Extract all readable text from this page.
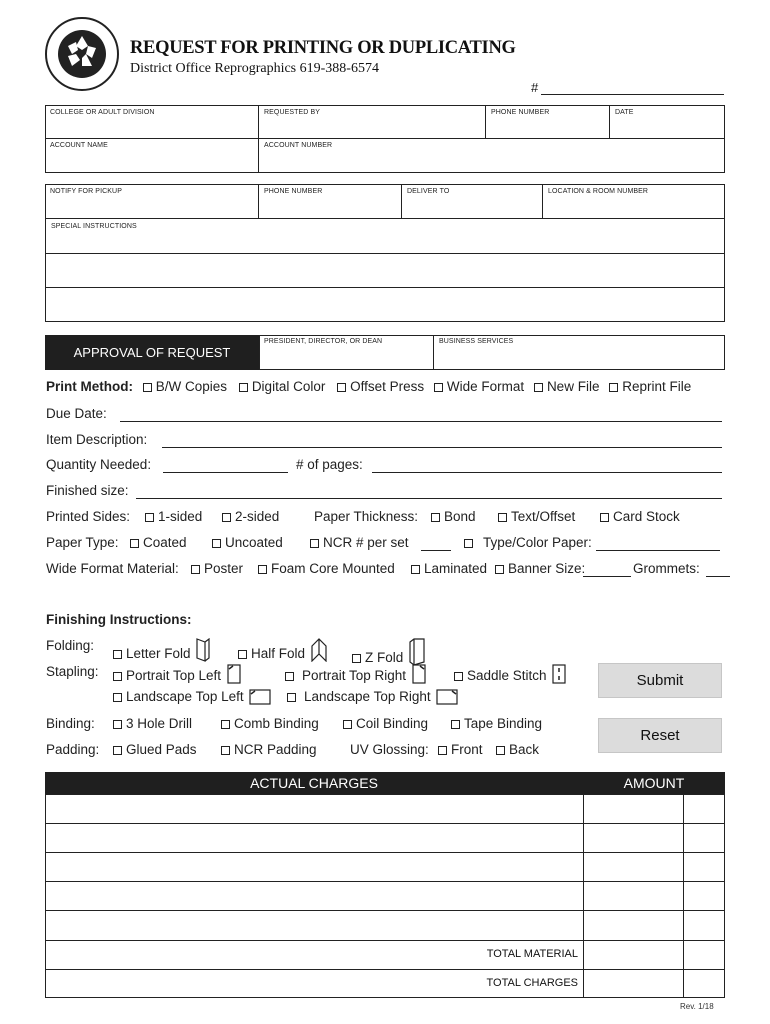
REQUEST FOR PRINTING OR DUPLICATING
District Office Reprographics 619-388-6574
#
COLLEGE OR ADULT DIVISION	REQUESTED BY	PHONE NUMBER	DATE
ACCOUNT NAME	ACCOUNT NUMBER
NOTIFY FOR PICKUP	PHONE NUMBER	DELIVER TO	LOCATION & ROOM NUMBER
SPECIAL INSTRUCTIONS
APPROVAL OF REQUEST
PRESIDENT, DIRECTOR, OR DEAN	BUSINESS SERVICES
Print Method: B/W Copies Digital Color Offset Press Wide Format New File Reprint File
Due Date:
Item Description:
Quantity Needed:	# of pages:
Finished size:
Printed Sides:	1-sided	2-sided	Paper Thickness:	Bond	Text/Offset	Card Stock
Paper Type:	Coated	Uncoated	NCR # per set	Type/Color Paper:
Wide Format Material:	Poster	Foam Core Mounted	Laminated	Banner Size:	Grommets:
Finishing Instructions:
Folding:
Letter Fold	Half Fold	Z Fold
Stapling:	Portrait Top Left	Portrait Top Right	Saddle Stitch
Landscape Top Left	Landscape Top Right
Binding:	3 Hole Drill	Comb Binding	Coil Binding	Tape Binding
Padding:	Glued Pads	NCR Padding UV Glossing:	Front	Back
Submit
Reset
ACTUAL CHARGES	AMOUNT
TOTAL MATERIAL
TOTAL CHARGES
Rev. 1/18
